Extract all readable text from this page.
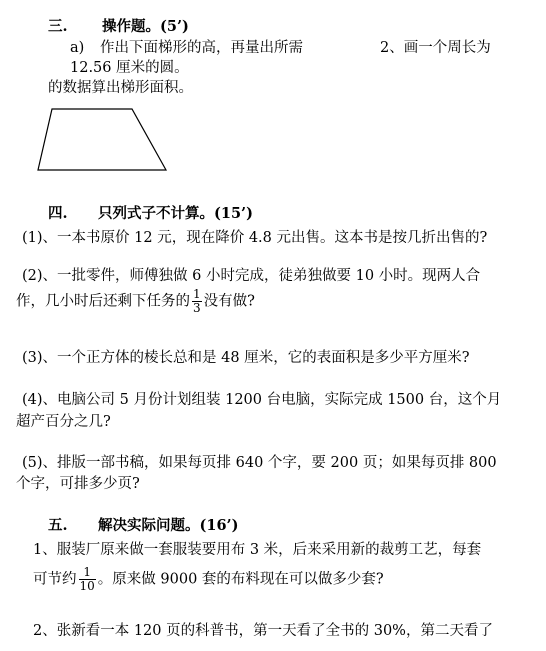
三. 操作题。(5’)
a) 作出下面梯形的高，再量出所需	2、画一个周长为
12.56 厘米的圆。
的数据算出梯形面积。
四. 只列式子不计算。(15’)
(1)、一本书原价 12 元，现在降价 4.8 元出售。这本书是按几折出售的?
(2)、一批零件，师傅独做 6 小时完成，徒弟独做要 10 小时。现两人合
作，几小时后还剩下任务的 $\frac{1}{3}$ 没有做?
(3)、一个正方体的棱长总和是 48 厘米，它的表面积是多少平方厘米?
(4)、电脑公司 5 月份计划组装 1200 台电脑，实际完成 1500 台，这个月
超产百分之几?
(5)、排版一部书稿，如果每页排 640 个字，要 200 页；如果每页排 800
个字，可排多少页?
五. 解决实际问题。(16’)
1、服装厂原来做一套服装要用布 3 米，后来采用新的裁剪工艺，每套
可节约 $\frac{1}{10}$ 。原来做 9000 套的布料现在可以做多少套?
2、张新看一本 120 页的科普书，第一天看了全书的 30%，第二天看了
